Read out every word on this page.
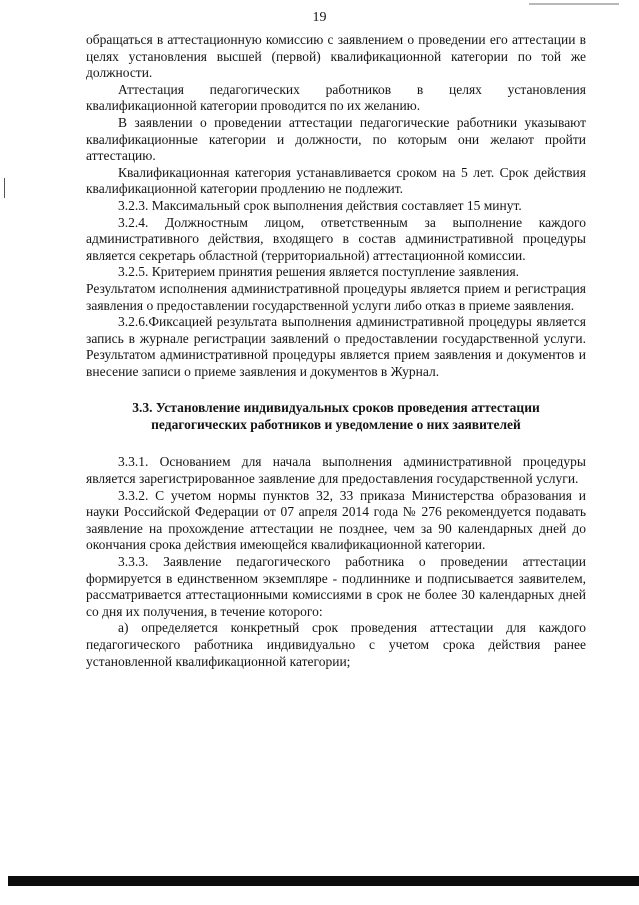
19

обращаться в аттестационную комиссию с заявлением о проведении его аттестации в целях установления высшей (первой) квалификационной категории по той же должности.

Аттестация педагогических работников в целях установления квалификационной категории проводится по их желанию.

В заявлении о проведении аттестации педагогические работники указывают квалификационные категории и должности, по которым они желают пройти аттестацию.

Квалификационная категория устанавливается сроком на 5 лет. Срок действия квалификационной категории продлению не подлежит.

3.2.3. Максимальный срок выполнения действия составляет 15 минут.

3.2.4. Должностным лицом, ответственным за выполнение каждого административного действия, входящего в состав административной процедуры является секретарь областной (территориальной) аттестационной комиссии.

3.2.5. Критерием принятия решения является поступление заявления.

Результатом исполнения административной процедуры является прием и регистрация заявления о предоставлении государственной услуги либо отказ в приеме заявления.

3.2.6.Фиксацией результата выполнения административной процедуры является запись в журнале регистрации заявлений о предоставлении государственной услуги. Результатом административной процедуры является прием заявления и документов и внесение записи о приеме заявления и документов в Журнал.

3.3. Установление индивидуальных сроков проведения аттестации педагогических работников и уведомление о них заявителей

3.3.1. Основанием для начала выполнения административной процедуры является зарегистрированное заявление для предоставления государственной услуги.

3.3.2. С учетом нормы пунктов 32, 33 приказа Министерства образования и науки Российской Федерации от 07 апреля 2014 года № 276 рекомендуется подавать заявление на прохождение аттестации не позднее, чем за 90 календарных дней до окончания срока действия имеющейся квалификационной категории.

3.3.3. Заявление педагогического работника о проведении аттестации формируется в единственном экземпляре - подлиннике и подписывается заявителем, рассматривается аттестационными комиссиями в срок не более 30 календарных дней со дня их получения, в течение которого:

а) определяется конкретный срок проведения аттестации для каждого педагогического работника индивидуально с учетом срока действия ранее установленной квалификационной категории;
